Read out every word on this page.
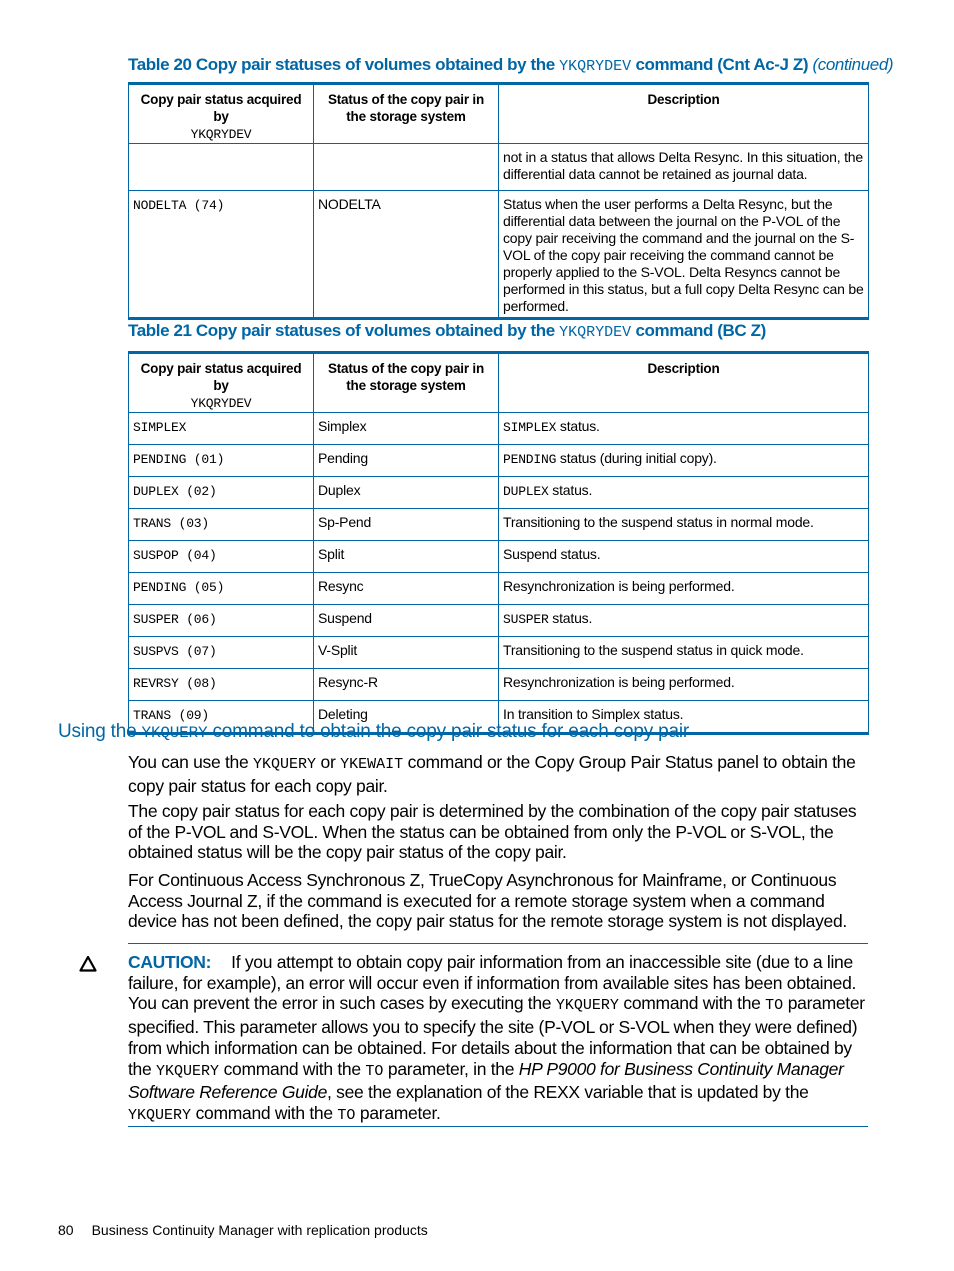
Table 20 Copy pair statuses of volumes obtained by the YKQRYDEV command (Cnt Ac-J Z) (continued)
Copy pair status acquired by
YKQRYDEV	Status of the copy pair in the storage system	Description
		not in a status that allows Delta Resync. In this situation, the differential data cannot be retained as journal data.
NODELTA (74)	NODELTA	Status when the user performs a Delta Resync, but the differential data between the journal on the P-VOL of the copy pair receiving the command and the journal on the S-VOL of the copy pair receiving the command cannot be properly applied to the S-VOL. Delta Resyncs cannot be performed in this status, but a full copy Delta Resync can be performed.
Table 21 Copy pair statuses of volumes obtained by the YKQRYDEV command (BC Z)
Copy pair status acquired by
YKQRYDEV	Status of the copy pair in the storage system	Description
SIMPLEX	Simplex	SIMPLEX status.
PENDING (01)	Pending	PENDING status (during initial copy).
DUPLEX (02)	Duplex	DUPLEX status.
TRANS (03)	Sp-Pend	Transitioning to the suspend status in normal mode.
SUSPOP (04)	Split	Suspend status.
PENDING (05)	Resync	Resynchronization is being performed.
SUSPER (06)	Suspend	SUSPER status.
SUSPVS (07)	V-Split	Transitioning to the suspend status in quick mode.
REVRSY (08)	Resync-R	Resynchronization is being performed.
TRANS (09)	Deleting	In transition to Simplex status.
Using the YKQUERY command to obtain the copy pair status for each copy pair
You can use the YKQUERY or YKEWAIT command or the Copy Group Pair Status panel to obtain the copy pair status for each copy pair.
The copy pair status for each copy pair is determined by the combination of the copy pair statuses of the P-VOL and S-VOL. When the status can be obtained from only the P-VOL or S-VOL, the obtained status will be the copy pair status of the copy pair.
For Continuous Access Synchronous Z, TrueCopy Asynchronous for Mainframe, or Continuous Access Journal Z, if the command is executed for a remote storage system when a command device has not been defined, the copy pair status for the remote storage system is not displayed.
CAUTION: If you attempt to obtain copy pair information from an inaccessible site (due to a line failure, for example), an error will occur even if information from available sites has been obtained. You can prevent the error in such cases by executing the YKQUERY command with the TO parameter specified. This parameter allows you to specify the site (P-VOL or S-VOL when they were defined) from which information can be obtained. For details about the information that can be obtained by the YKQUERY command with the TO parameter, in the HP P9000 for Business Continuity Manager Software Reference Guide, see the explanation of the REXX variable that is updated by the YKQUERY command with the TO parameter.
80 Business Continuity Manager with replication products
